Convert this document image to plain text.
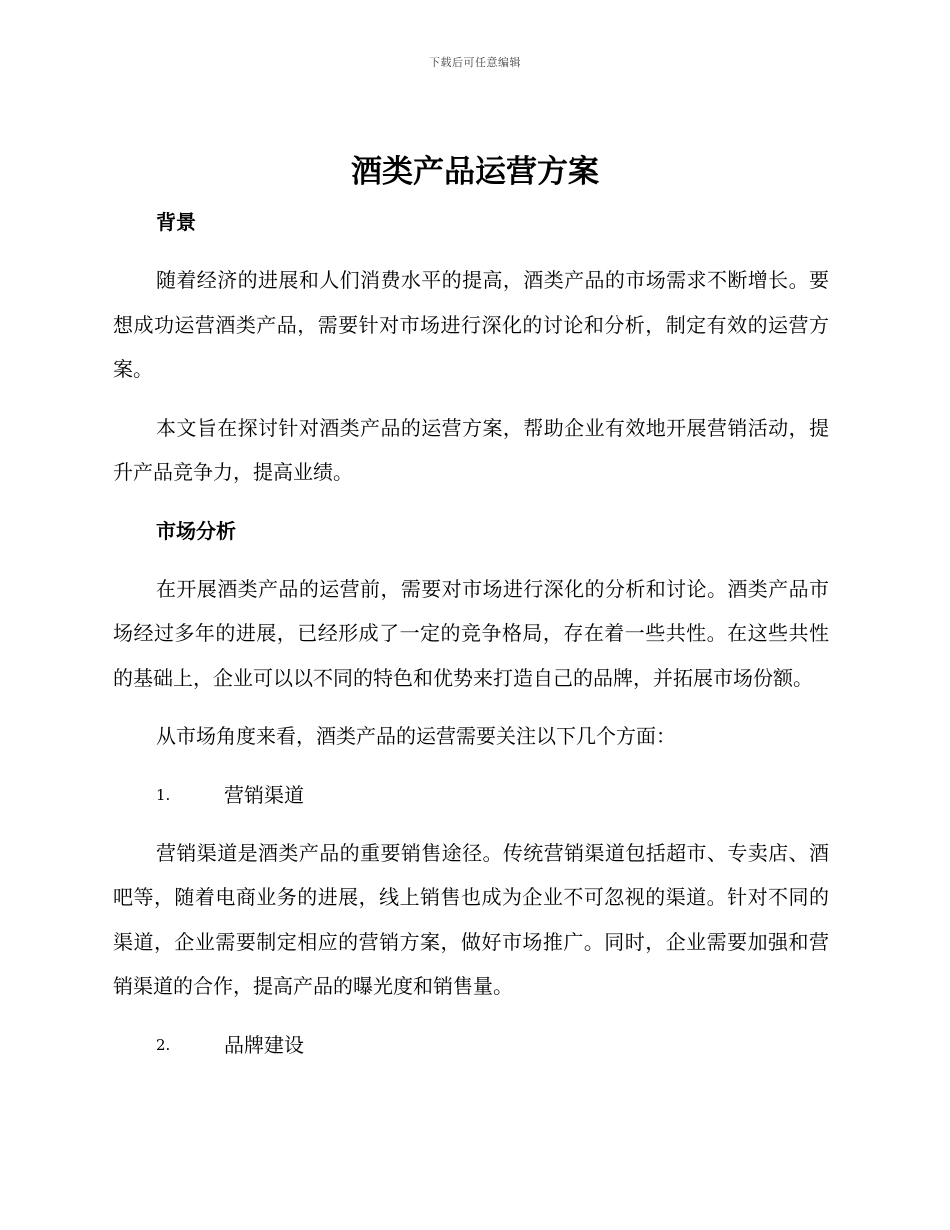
下载后可任意编辑
酒类产品运营方案
背景

随着经济的进展和人们消费水平的提高，酒类产品的市场需求不断增长。要想成功运营酒类产品，需要针对市场进行深化的讨论和分析，制定有效的运营方案。

本文旨在探讨针对酒类产品的运营方案，帮助企业有效地开展营销活动，提升产品竞争力，提高业绩。

市场分析

在开展酒类产品的运营前，需要对市场进行深化的分析和讨论。酒类产品市场经过多年的进展，已经形成了一定的竞争格局，存在着一些共性。在这些共性的基础上，企业可以以不同的特色和优势来打造自己的品牌，并拓展市场份额。

从市场角度来看，酒类产品的运营需要关注以下几个方面：

1.	营销渠道

营销渠道是酒类产品的重要销售途径。传统营销渠道包括超市、专卖店、酒吧等，随着电商业务的进展，线上销售也成为企业不可忽视的渠道。针对不同的渠道，企业需要制定相应的营销方案，做好市场推广。同时，企业需要加强和营销渠道的合作，提高产品的曝光度和销售量。

2.	品牌建设
